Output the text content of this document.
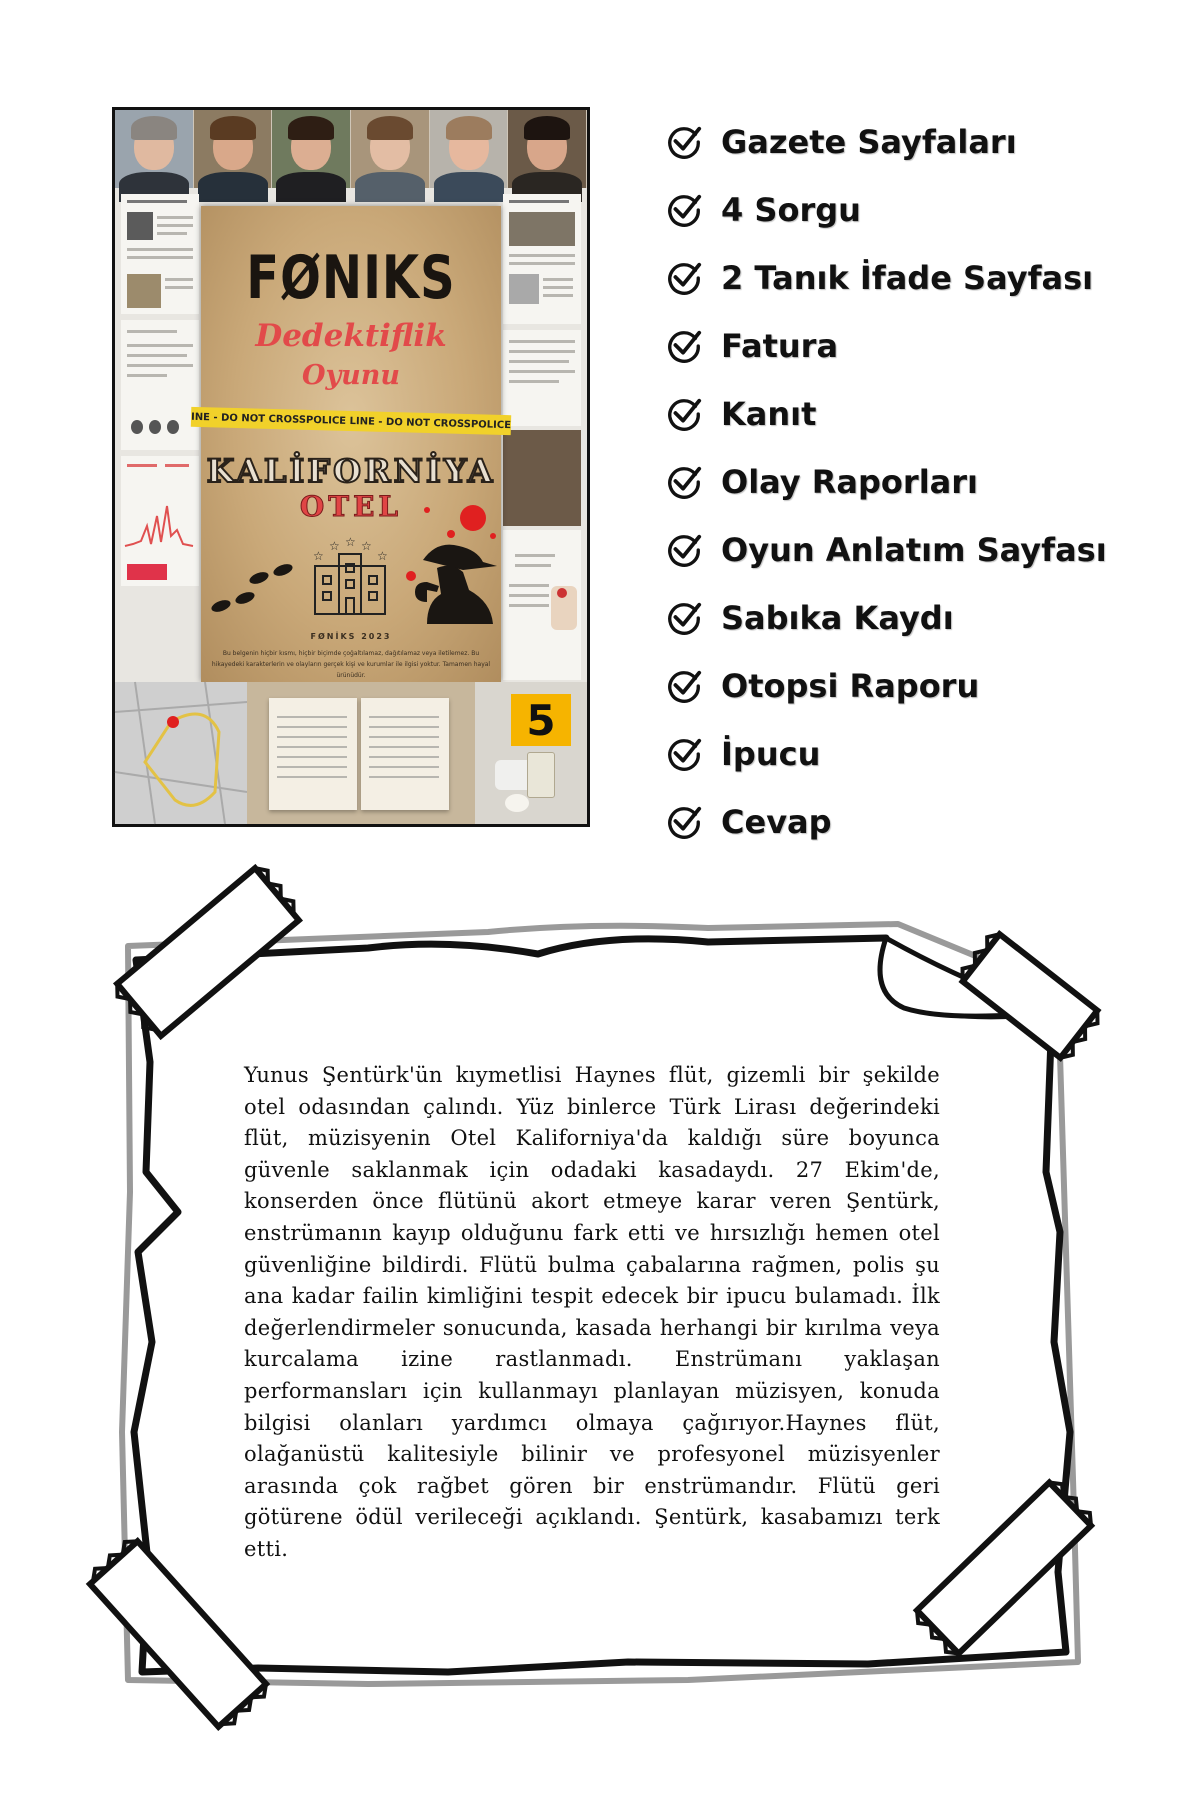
FØNIKS
Dedektiflik
Oyunu
INE - DO NOT CROSS POLICE LINE - DO NOT CROSS POLICE
KALİFORNİYA
OTEL
☆
☆ ☆ ☆
☆
FØNİKS 2023
Bu belgenin hiçbir kısmı, hiçbir biçimde çoğaltılamaz, dağıtılamaz veya iletilemez. Bu hikayedeki karakterlerin ve olayların gerçek kişi ve kurumlar ile ilgisi yoktur. Tamamen hayal ürünüdür.
5
Gazete Sayfaları
4 Sorgu
2 Tanık İfade Sayfası
Fatura
Kanıt
Olay Raporları
Oyun Anlatım Sayfası
Sabıka Kaydı
Otopsi Raporu
İpucu
Cevap

Yunus Şentürk'ün kıymetlisi Haynes flüt, gizemli bir şekilde otel odasından çalındı. Yüz binlerce Türk Lirası değerindeki flüt, müzisyenin Otel Kaliforniya'da kaldığı süre boyunca güvenle saklanmak için odadaki kasadaydı. 27 Ekim'de, konserden önce flütünü akort etmeye karar veren Şentürk, enstrümanın kayıp olduğunu fark etti ve hırsızlığı hemen otel güvenliğine bildirdi. Flütü bulma çabalarına rağmen, polis şu ana kadar failin kimliğini tespit edecek bir ipucu bulamadı. İlk değerlendirmeler sonucunda, kasada herhangi bir kırılma veya kurcalama izine rastlanmadı. Enstrümanı yaklaşan performansları için kullanmayı planlayan müzisyen, konuda bilgisi olanları yardımcı olmaya çağırıyor.Haynes flüt, olağanüstü kalitesiyle bilinir ve profesyonel müzisyenler arasında çok rağbet gören bir enstrümandır. Flütü geri götürene ödül verileceği açıklandı. Şentürk, kasabamızı terk etti.
